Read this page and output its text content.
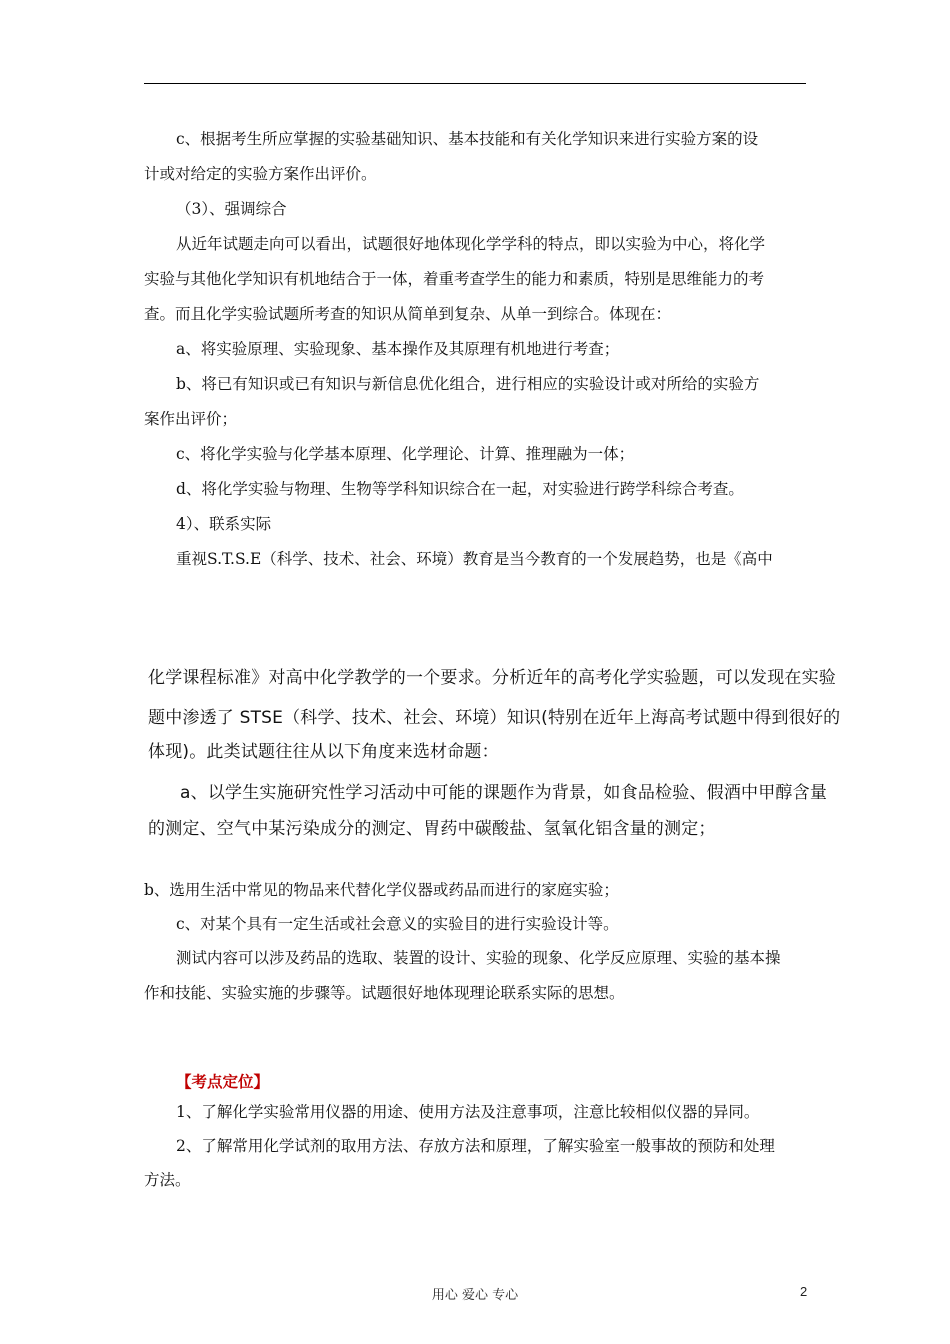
c、根据考生所应掌握的实验基础知识、基本技能和有关化学知识来进行实验方案的设
计或对给定的实验方案作出评价。
（3）、强调综合
从近年试题走向可以看出，试题很好地体现化学学科的特点，即以实验为中心，将化学
实验与其他化学知识有机地结合于一体，着重考查学生的能力和素质，特别是思维能力的考
查。而且化学实验试题所考查的知识从简单到复杂、从单一到综合。体现在：
a、将实验原理、实验现象、基本操作及其原理有机地进行考查；
b、将已有知识或已有知识与新信息优化组合，进行相应的实验设计或对所给的实验方
案作出评价；
c、将化学实验与化学基本原理、化学理论、计算、推理融为一体；
d、将化学实验与物理、生物等学科知识综合在一起，对实验进行跨学科综合考查。
4）、联系实际
重视S.T.S.E（科学、技术、社会、环境）教育是当今教育的一个发展趋势，也是《高中
化学课程标准》对高中化学教学的一个要求。分析近年的高考化学实验题，可以发现在实验
题中渗透了 STSE（科学、技术、社会、环境）知识(特别在近年上海高考试题中得到很好的
体现)。此类试题往往从以下角度来选材命题：
a、以学生实施研究性学习活动中可能的课题作为背景，如食品检验、假酒中甲醇含量
的测定、空气中某污染成分的测定、胃药中碳酸盐、氢氧化铝含量的测定；
b、选用生活中常见的物品来代替化学仪器或药品而进行的家庭实验；
c、对某个具有一定生活或社会意义的实验目的进行实验设计等。
测试内容可以涉及药品的选取、装置的设计、实验的现象、化学反应原理、实验的基本操
作和技能、实验实施的步骤等。试题很好地体现理论联系实际的思想。
【考点定位】
1、了解化学实验常用仪器的用途、使用方法及注意事项，注意比较相似仪器的异同。
2、了解常用化学试剂的取用方法、存放方法和原理，了解实验室一般事故的预防和处理
方法。
用心 爱心 专心	2
